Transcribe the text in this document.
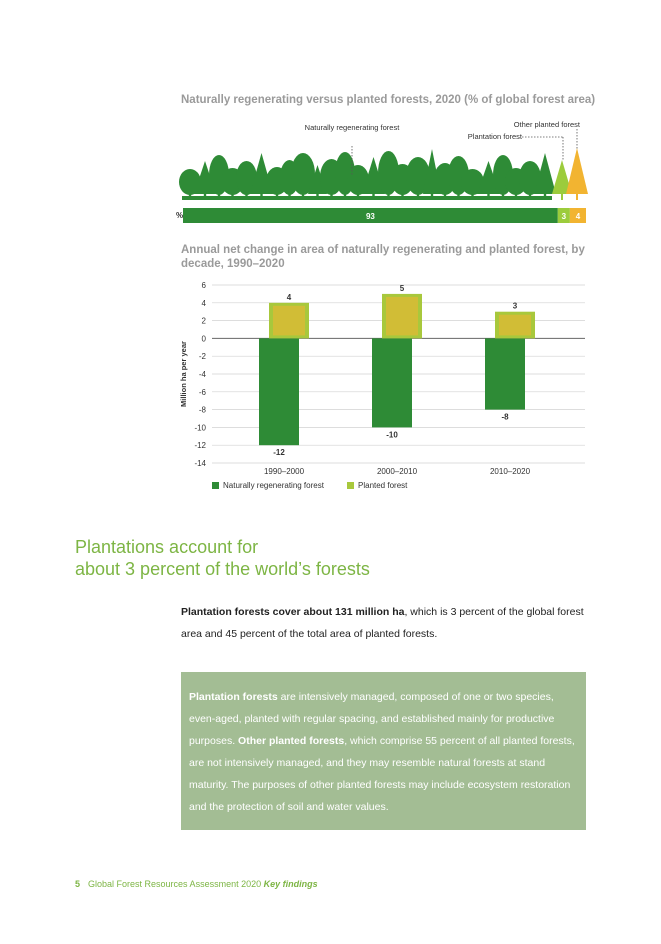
Naturally regenerating versus planted forests, 2020 (% of global forest area)
%	93	3 4
Naturally regenerating forest
Plantation forest
Other planted forest
Annual net change in area of naturally regenerating and planted forest, by decade, 1990–2020
-12
4
-10
5
-8
3
6
4
2
0
-2
-4
-6
-8
-10
-12
-14
1990–2000	2000–2010	2010–2020
Million ha per year
Naturally regenerating forest	Planted forest
Plantations account for
about 3 percent of the world’s forests
Plantation forests cover about 131 million ha, which is 3 percent of the global forest area and 45 percent of the total area of planted forests.
Plantation forests are intensively managed, composed of one or two species, even-aged, planted with regular spacing, and established mainly for productive purposes. Other planted forests, which comprise 55 percent of all planted forests, are not intensively managed, and they may resemble natural forests at stand maturity. The purposes of other planted forests may include ecosystem restoration and the protection of soil and water values.
5 Global Forest Resources Assessment 2020 Key findings
